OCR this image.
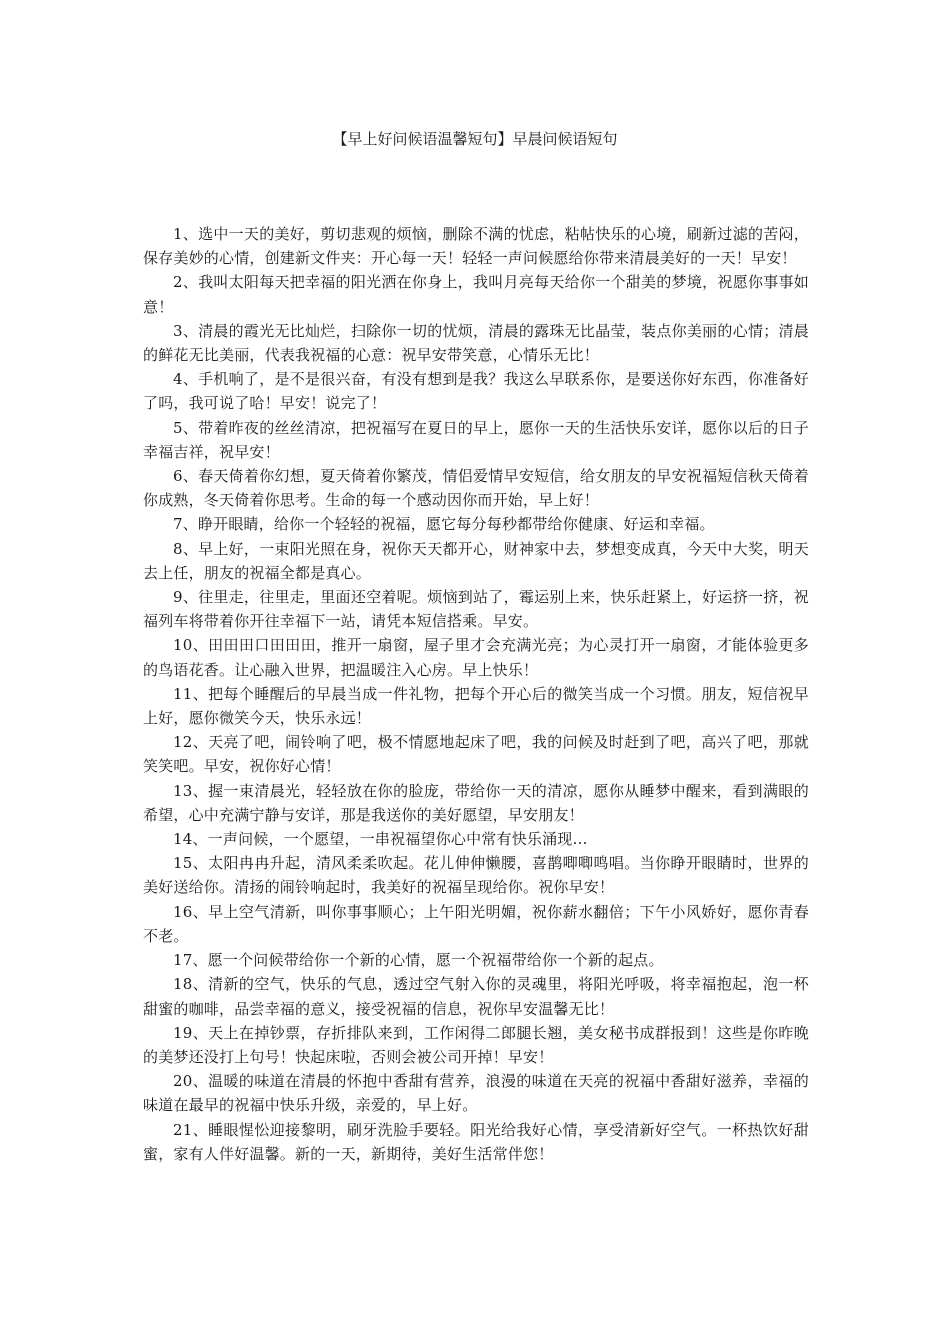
【早上好问候语温馨短句】早晨问候语短句

1、选中一天的美好，剪切悲观的烦恼，删除不满的忧虑，粘帖快乐的心境，刷新过滤的苦闷，保存美妙的心情，创建新文件夹：开心每一天！轻轻一声问候愿给你带来清晨美好的一天！早安！

2、我叫太阳每天把幸福的阳光洒在你身上，我叫月亮每天给你一个甜美的梦境，祝愿你事事如意！

3、清晨的霞光无比灿烂，扫除你一切的忧烦，清晨的露珠无比晶莹，装点你美丽的心情；清晨的鲜花无比美丽，代表我祝福的心意：祝早安带笑意，心情乐无比！

4、手机响了，是不是很兴奋，有没有想到是我？我这么早联系你，是要送你好东西，你准备好了吗，我可说了哈！早安！说完了！

5、带着昨夜的丝丝清凉，把祝福写在夏日的早上，愿你一天的生活快乐安详，愿你以后的日子幸福吉祥，祝早安！

6、春天倚着你幻想，夏天倚着你繁茂，情侣爱情早安短信，给女朋友的早安祝福短信秋天倚着你成熟，冬天倚着你思考。生命的每一个感动因你而开始，早上好！

7、睁开眼睛，给你一个轻轻的祝福，愿它每分每秒都带给你健康、好运和幸福。

8、早上好，一束阳光照在身，祝你天天都开心，财神家中去，梦想变成真，今天中大奖，明天去上任，朋友的祝福全都是真心。

9、往里走，往里走，里面还空着呢。烦恼到站了，霉运别上来，快乐赶紧上，好运挤一挤，祝福列车将带着你开往幸福下一站，请凭本短信搭乘。早安。

10、田田田口田田田，推开一扇窗，屋子里才会充满光亮；为心灵打开一扇窗，才能体验更多的鸟语花香。让心融入世界，把温暖注入心房。早上快乐！

11、把每个睡醒后的早晨当成一件礼物，把每个开心后的微笑当成一个习惯。朋友，短信祝早上好，愿你微笑今天，快乐永远！

12、天亮了吧，闹铃响了吧，极不情愿地起床了吧，我的问候及时赶到了吧，高兴了吧，那就笑笑吧。早安，祝你好心情！

13、握一束清晨光，轻轻放在你的脸庞，带给你一天的清凉，愿你从睡梦中醒来，看到满眼的希望，心中充满宁静与安详，那是我送你的美好愿望，早安朋友！

14、一声问候，一个愿望，一串祝福望你心中常有快乐涌现…

15、太阳冉冉升起，清风柔柔吹起。花儿伸伸懒腰，喜鹊唧唧鸣唱。当你睁开眼睛时，世界的美好送给你。清扬的闹铃响起时，我美好的祝福呈现给你。祝你早安！

16、早上空气清新，叫你事事顺心；上午阳光明媚，祝你薪水翻倍；下午小风娇好，愿你青春不老。

17、愿一个问候带给你一个新的心情，愿一个祝福带给你一个新的起点。

18、清新的空气，快乐的气息，透过空气射入你的灵魂里，将阳光呼吸，将幸福抱起，泡一杯甜蜜的咖啡，品尝幸福的意义，接受祝福的信息，祝你早安温馨无比！

19、天上在掉钞票，存折排队来到，工作闲得二郎腿长翘，美女秘书成群报到！这些是你昨晚的美梦还没打上句号！快起床啦，否则会被公司开掉！早安！

20、温暖的味道在清晨的怀抱中香甜有营养，浪漫的味道在天亮的祝福中香甜好滋养，幸福的味道在最早的祝福中快乐升级，亲爱的，早上好。

21、睡眼惺忪迎接黎明，刷牙洗脸手要轻。阳光给我好心情，享受清新好空气。一杯热饮好甜蜜，家有人伴好温馨。新的一天，新期待，美好生活常伴您！
